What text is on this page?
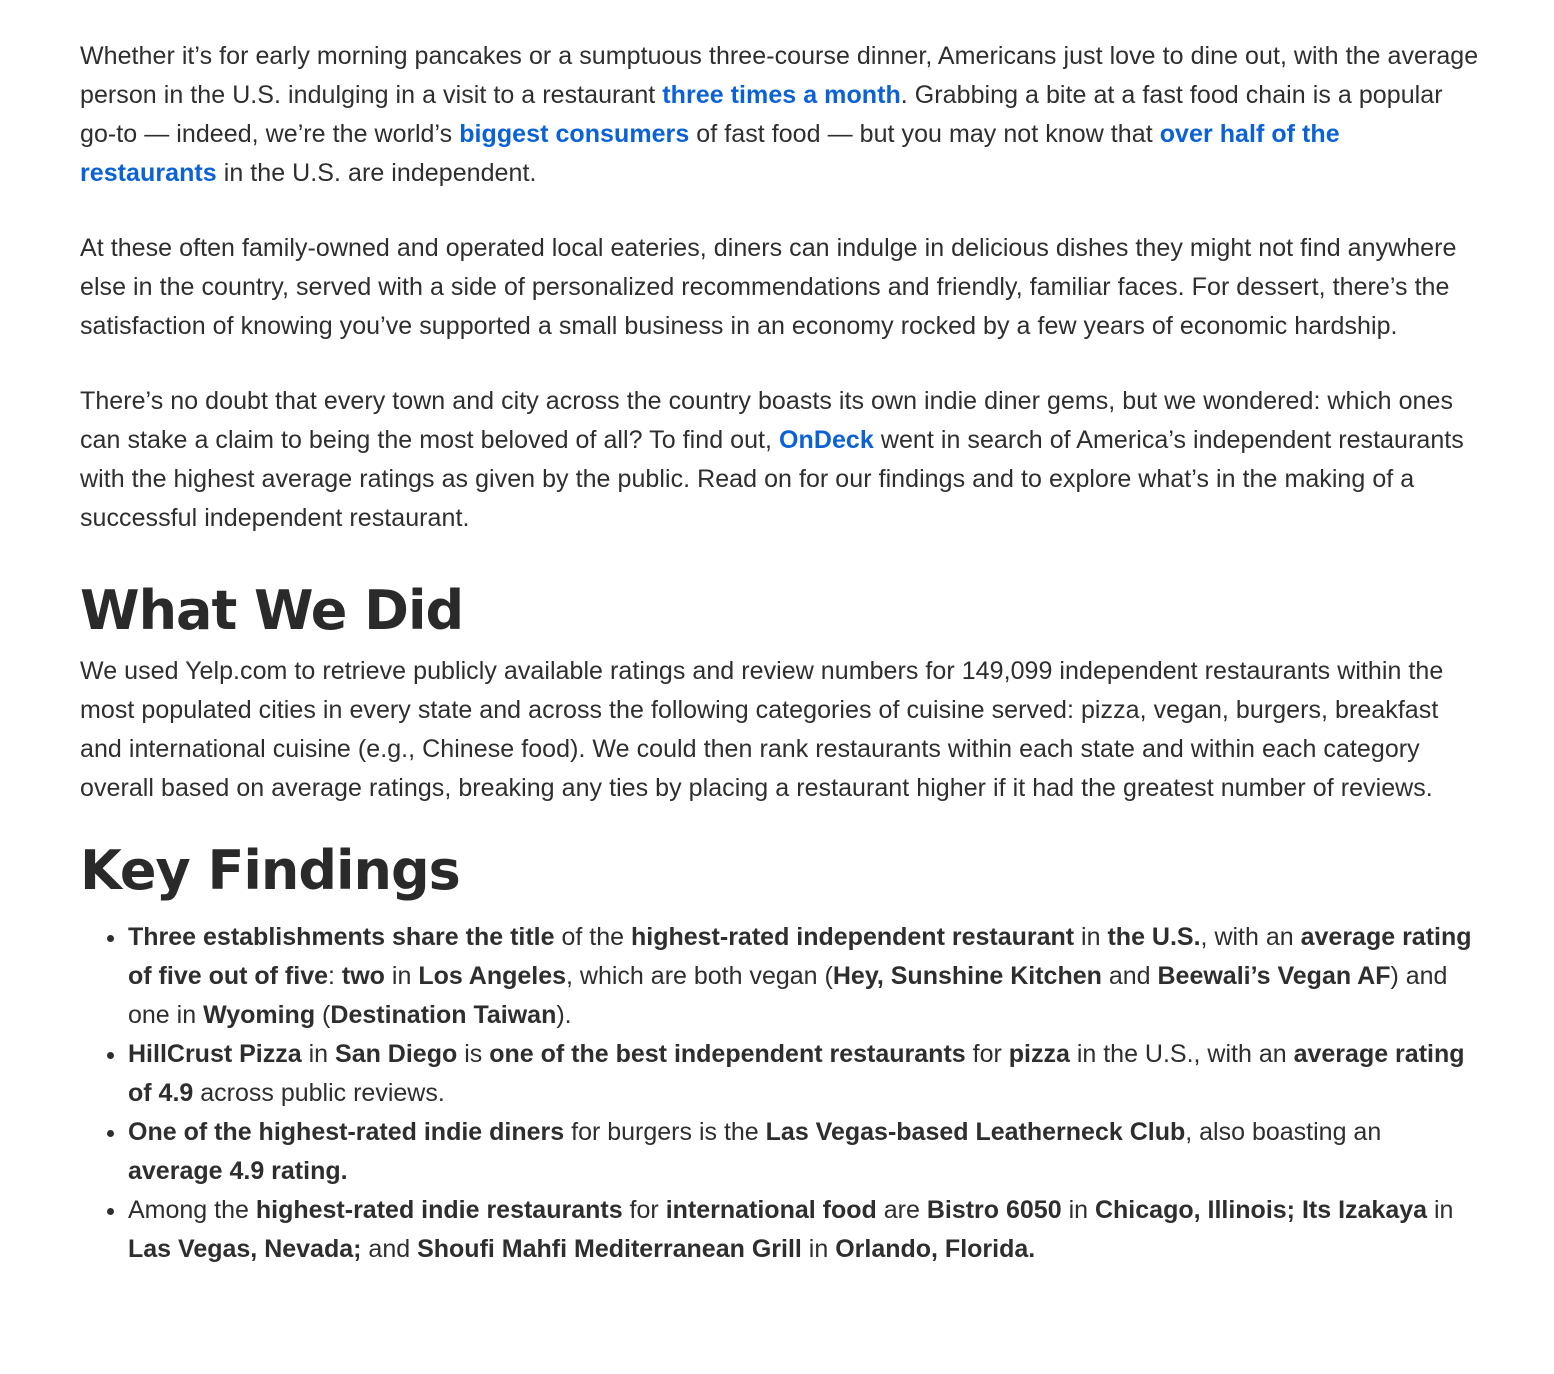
Whether it’s for early morning pancakes or a sumptuous three-course dinner, Americans just love to dine out, with the average person in the U.S. indulging in a visit to a restaurant three times a month. Grabbing a bite at a fast food chain is a popular go-to — indeed, we’re the world’s biggest consumers of fast food — but you may not know that over half of the restaurants in the U.S. are independent.

At these often family-owned and operated local eateries, diners can indulge in delicious dishes they might not find anywhere else in the country, served with a side of personalized recommendations and friendly, familiar faces. For dessert, there’s the satisfaction of knowing you’ve supported a small business in an economy rocked by a few years of economic hardship.

There’s no doubt that every town and city across the country boasts its own indie diner gems, but we wondered: which ones can stake a claim to being the most beloved of all? To find out, OnDeck went in search of America’s independent restaurants with the highest average ratings as given by the public. Read on for our findings and to explore what’s in the making of a successful independent restaurant.

What We Did

We used Yelp.com to retrieve publicly available ratings and review numbers for 149,099 independent restaurants within the most populated cities in every state and across the following categories of cuisine served: pizza, vegan, burgers, breakfast and international cuisine (e.g., Chinese food). We could then rank restaurants within each state and within each category overall based on average ratings, breaking any ties by placing a restaurant higher if it had the greatest number of reviews.

Key Findings
• Three establishments share the title of the highest-rated independent restaurant in the U.S., with an average rating of five out of five: two in Los Angeles, which are both vegan (Hey, Sunshine Kitchen and Beewali’s Vegan AF) and one in Wyoming (Destination Taiwan).
• HillCrust Pizza in San Diego is one of the best independent restaurants for pizza in the U.S., with an average rating of 4.9 across public reviews.
• One of the highest-rated indie diners for burgers is the Las Vegas-based Leatherneck Club, also boasting an average 4.9 rating.
• Among the highest-rated indie restaurants for international food are Bistro 6050 in Chicago, Illinois; Its Izakaya in Las Vegas, Nevada; and Shoufi Mahfi Mediterranean Grill in Orlando, Florida.
